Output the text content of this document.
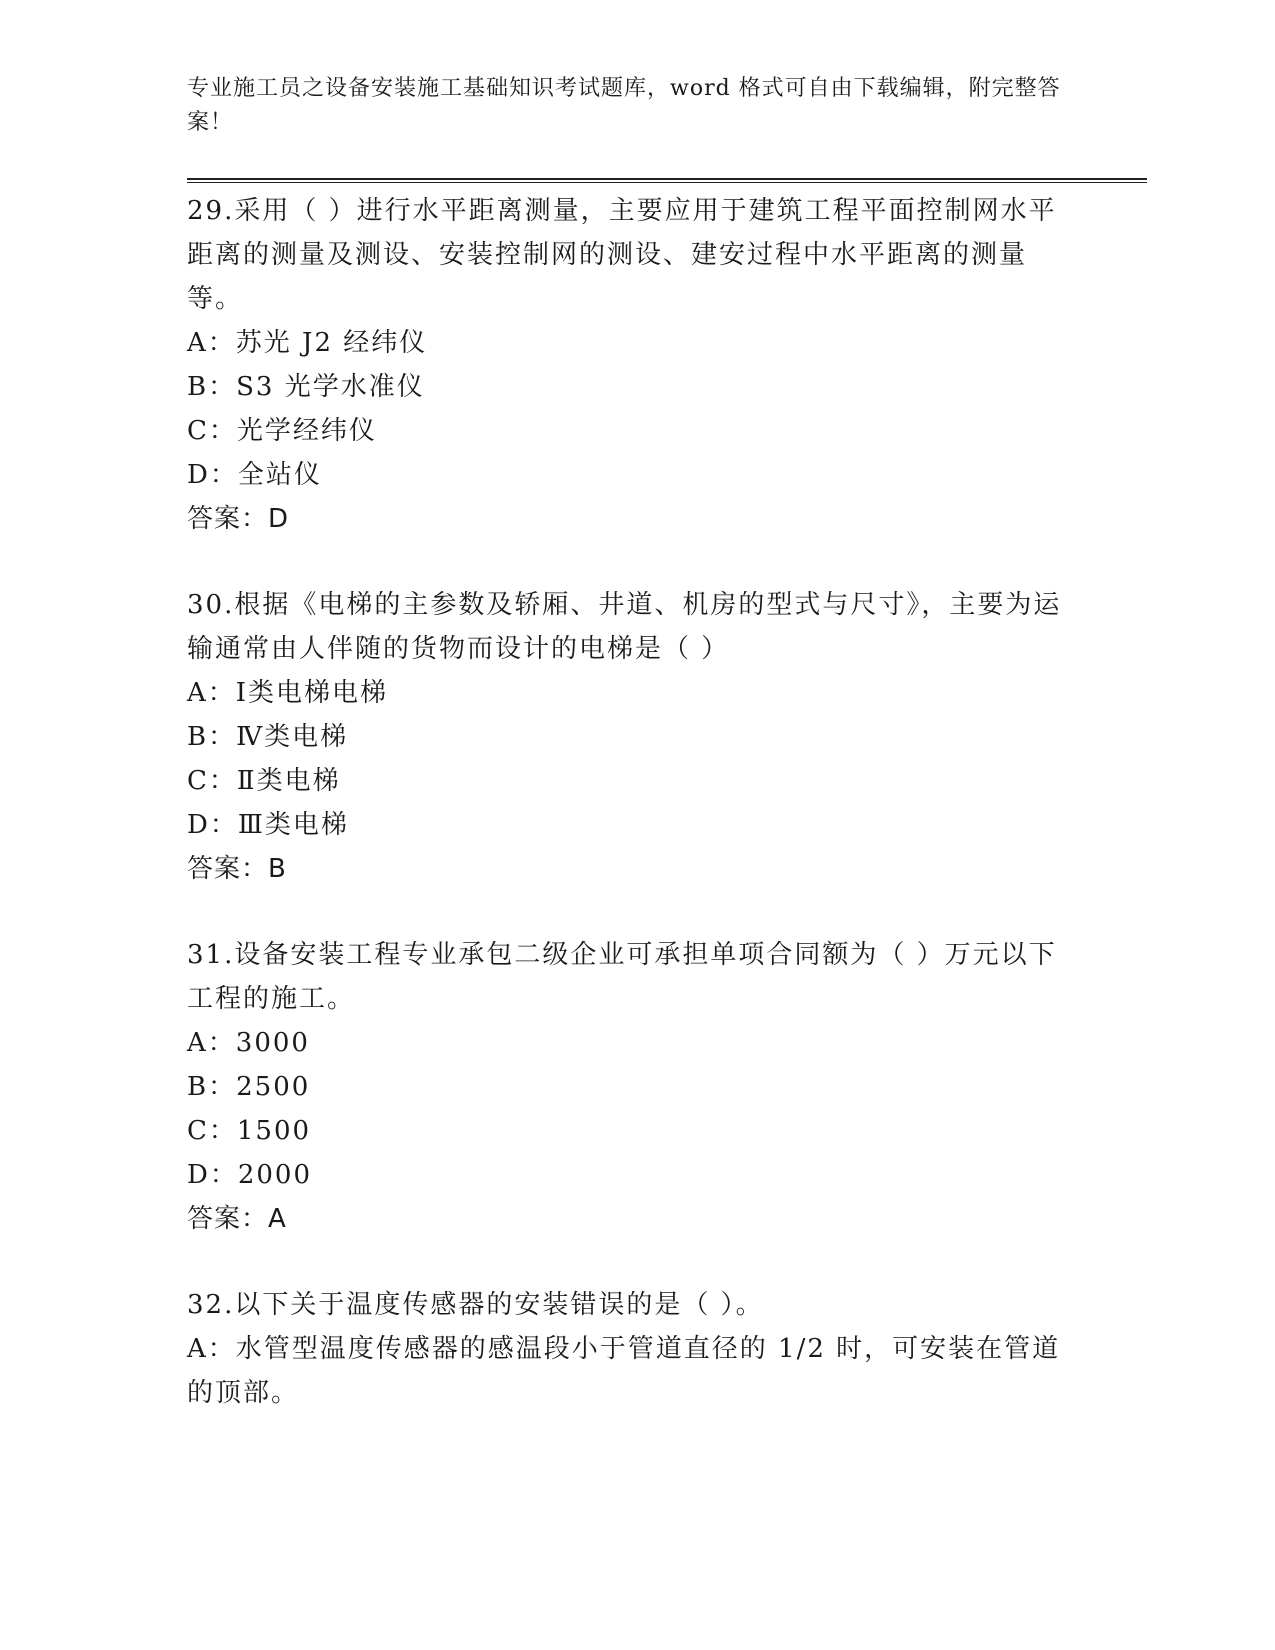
专业施工员之设备安装施工基础知识考试题库，word 格式可自由下载编辑，附完整答案！

29.采用（ ）进行水平距离测量，主要应用于建筑工程平面控制网水平距离的测量及测设、安装控制网的测设、建安过程中水平距离的测量等。

A：苏光 J2 经纬仪

B：S3 光学水准仪

C：光学经纬仪

D：全站仪

答案：D

30.根据《电梯的主参数及轿厢、井道、机房的型式与尺寸》，主要为运输通常由人伴随的货物而设计的电梯是（ ）

A：Ⅰ类电梯电梯

B：Ⅳ类电梯

C：Ⅱ类电梯

D：Ⅲ类电梯

答案：B

31.设备安装工程专业承包二级企业可承担单项合同额为（ ）万元以下工程的施工。

A：3000

B：2500

C：1500

D：2000

答案：A

32.以下关于温度传感器的安装错误的是（ ）。

A：水管型温度传感器的感温段小于管道直径的 1/2 时，可安装在管道的顶部。
